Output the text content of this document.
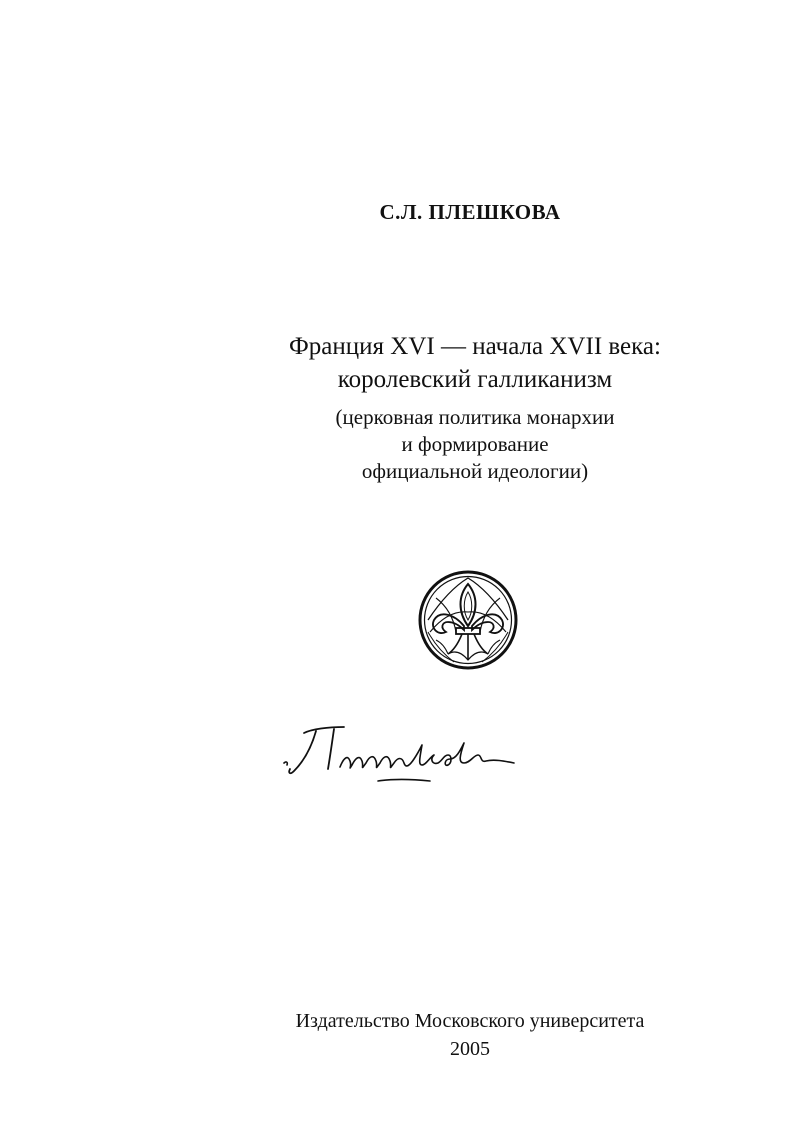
С.Л. ПЛЕШКОВА
Франция XVI — начала XVII века:
королевский галликанизм
(церковная политика монархии
и формирование
официальной идеологии)
Издательство Московского университета
2005
